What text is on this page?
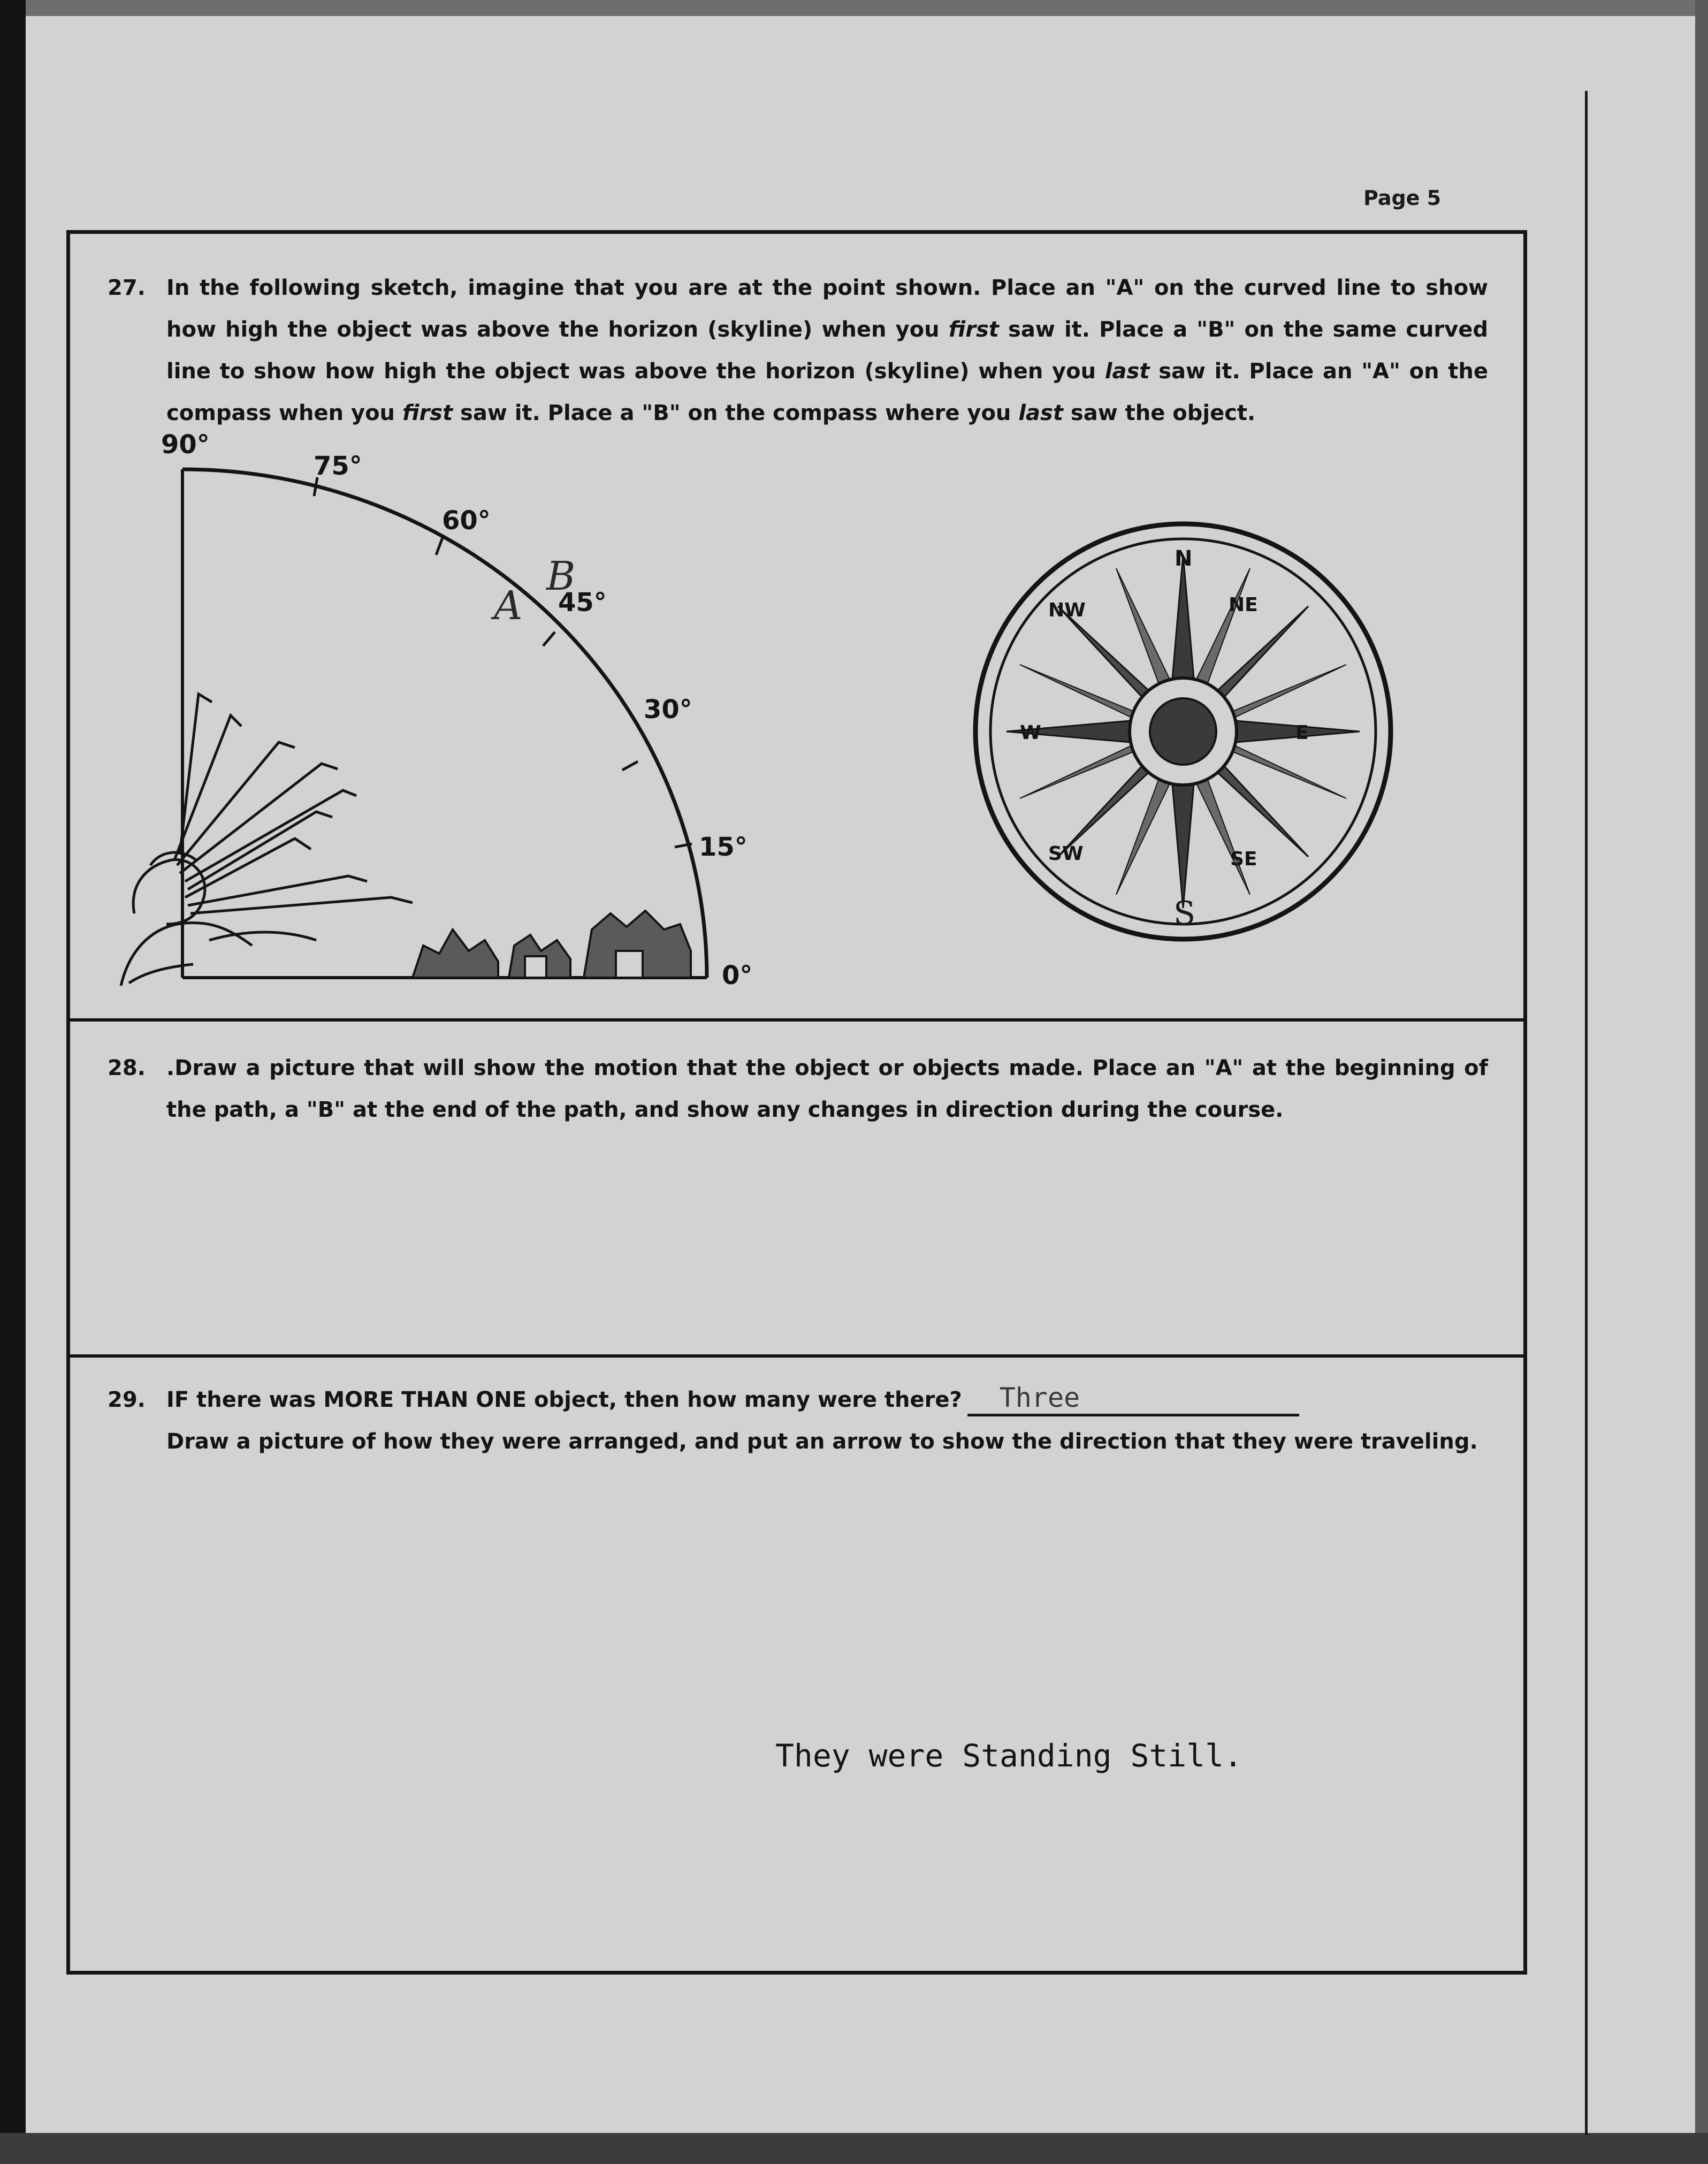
Page 5
27. In the following sketch, imagine that you are at the point shown. Place an "A" on the curved line to show how high the object was above the horizon (skyline) when you first saw it. Place a "B" on the same curved line to show how high the object was above the horizon (skyline) when you last saw it. Place an "A" on the compass when you first saw it. Place a "B" on the compass where you last saw the object.
90°
75°
60°
45°
30°
15°
0°
A
B	N
NE
E
SE
S
SW
W
NW
28. .Draw a picture that will show the motion that the object or objects made. Place an "A" at the beginning of the path, a "B" at the end of the path, and show any changes in direction during the course.
29. IF there was MORE THAN ONE object, then how many were there? Three
Draw a picture of how they were arranged, and put an arrow to show the direction that they were traveling.
They were Standing Still.
